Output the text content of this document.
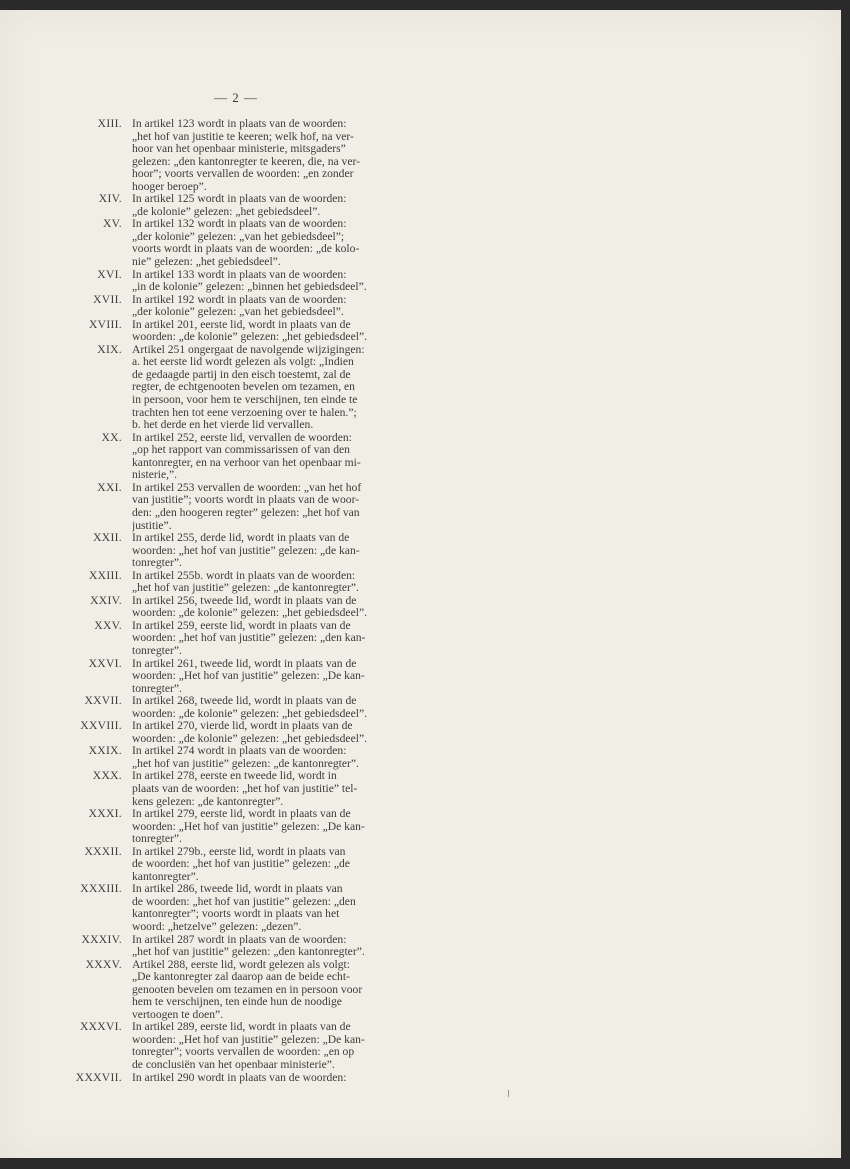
— 2 —
XIII. In artikel 123 wordt in plaats van de woorden:
„het hof van justitie te keeren; welk hof, na ver-
hoor van het openbaar ministerie, mitsgaders”
gelezen: „den kantonregter te keeren, die, na ver-
hoor”; voorts vervallen de woorden: „en zonder
hooger beroep”.
XIV. In artikel 125 wordt in plaats van de woorden:
„de kolonie” gelezen: „het gebiedsdeel”.
XV. In artikel 132 wordt in plaats van de woorden:
„der kolonie” gelezen: „van het gebiedsdeel”;
voorts wordt in plaats van de woorden: „de kolo-
nie” gelezen: „het gebiedsdeel”.
XVI. In artikel 133 wordt in plaats van de woorden:
„in de kolonie” gelezen: „binnen het gebiedsdeel”.
XVII. In artikel 192 wordt in plaats van de woorden:
„der kolonie” gelezen: „van het gebiedsdeel”.
XVIII. In artikel 201, eerste lid, wordt in plaats van de
woorden: „de kolonie” gelezen: „het gebiedsdeel”.
XIX. Artikel 251 ongergaat de navolgende wijzigingen:
a. het eerste lid wordt gelezen als volgt: „Indien
de gedaagde partij in den eisch toestemt, zal de
regter, de echtgenooten bevelen om tezamen, en
in persoon, voor hem te verschijnen, ten einde te
trachten hen tot eene verzoening over te halen.”;
b. het derde en het vierde lid vervallen.
XX. In artikel 252, eerste lid, vervallen de woorden:
„op het rapport van commissarissen of van den
kantonregter, en na verhoor van het openbaar mi-
nisterie,”.
XXI. In artikel 253 vervallen de woorden: „van het hof
van justitie”; voorts wordt in plaats van de woor-
den: „den hoogeren regter” gelezen: „het hof van
justitie”.
XXII. In artikel 255, derde lid, wordt in plaats van de
woorden: „het hof van justitie” gelezen: „de kan-
tonregter”.
XXIII. In artikel 255b. wordt in plaats van de woorden:
„het hof van justitie” gelezen: „de kantonregter”.
XXIV. In artikel 256, tweede lid, wordt in plaats van de
woorden: „de kolonie” gelezen: „het gebiedsdeel”.
XXV. In artikel 259, eerste lid, wordt in plaats van de
woorden: „het hof van justitie” gelezen: „den kan-
tonregter”.
XXVI. In artikel 261, tweede lid, wordt in plaats van de
woorden: „Het hof van justitie” gelezen: „De kan-
tonregter”.
XXVII. In artikel 268, tweede lid, wordt in plaats van de
woorden: „de kolonie” gelezen: „het gebiedsdeel”.
XXVIII. In artikel 270, vierde lid, wordt in plaats van de
woorden: „de kolonie” gelezen: „het gebiedsdeel”.
XXIX. In artikel 274 wordt in plaats van de woorden:
„het hof van justitie” gelezen: „de kantonregter”.
XXX. In artikel 278, eerste en tweede lid, wordt in
plaats van de woorden: „het hof van justitie” tel-
kens gelezen: „de kantonregter”.
XXXI. In artikel 279, eerste lid, wordt in plaats van de
woorden: „Het hof van justitie” gelezen: „De kan-
tonregter”.
XXXII. In artikel 279b., eerste lid, wordt in plaats van
de woorden: „het hof van justitie” gelezen: „de
kantonregter”.
XXXIII. In artikel 286, tweede lid, wordt in plaats van
de woorden: „het hof van justitie” gelezen: „den
kantonregter”; voorts wordt in plaats van het
woord: „hetzelve” gelezen: „dezen”.
XXXIV. In artikel 287 wordt in plaats van de woorden:
„het hof van justitie” gelezen: „den kantonregter”.
XXXV. Artikel 288, eerste lid, wordt gelezen als volgt:
„De kantonregter zal daarop aan de beide echt-
genooten bevelen om tezamen en in persoon voor
hem te verschijnen, ten einde hun de noodige
vertoogen te doen”.
XXXVI. In artikel 289, eerste lid, wordt in plaats van de
woorden: „Het hof van justitie” gelezen: „De kan-
tonregter”; voorts vervallen de woorden: „en op
de conclusiën van het openbaar ministerie”.
XXXVII. In artikel 290 wordt in plaats van de woorden:
